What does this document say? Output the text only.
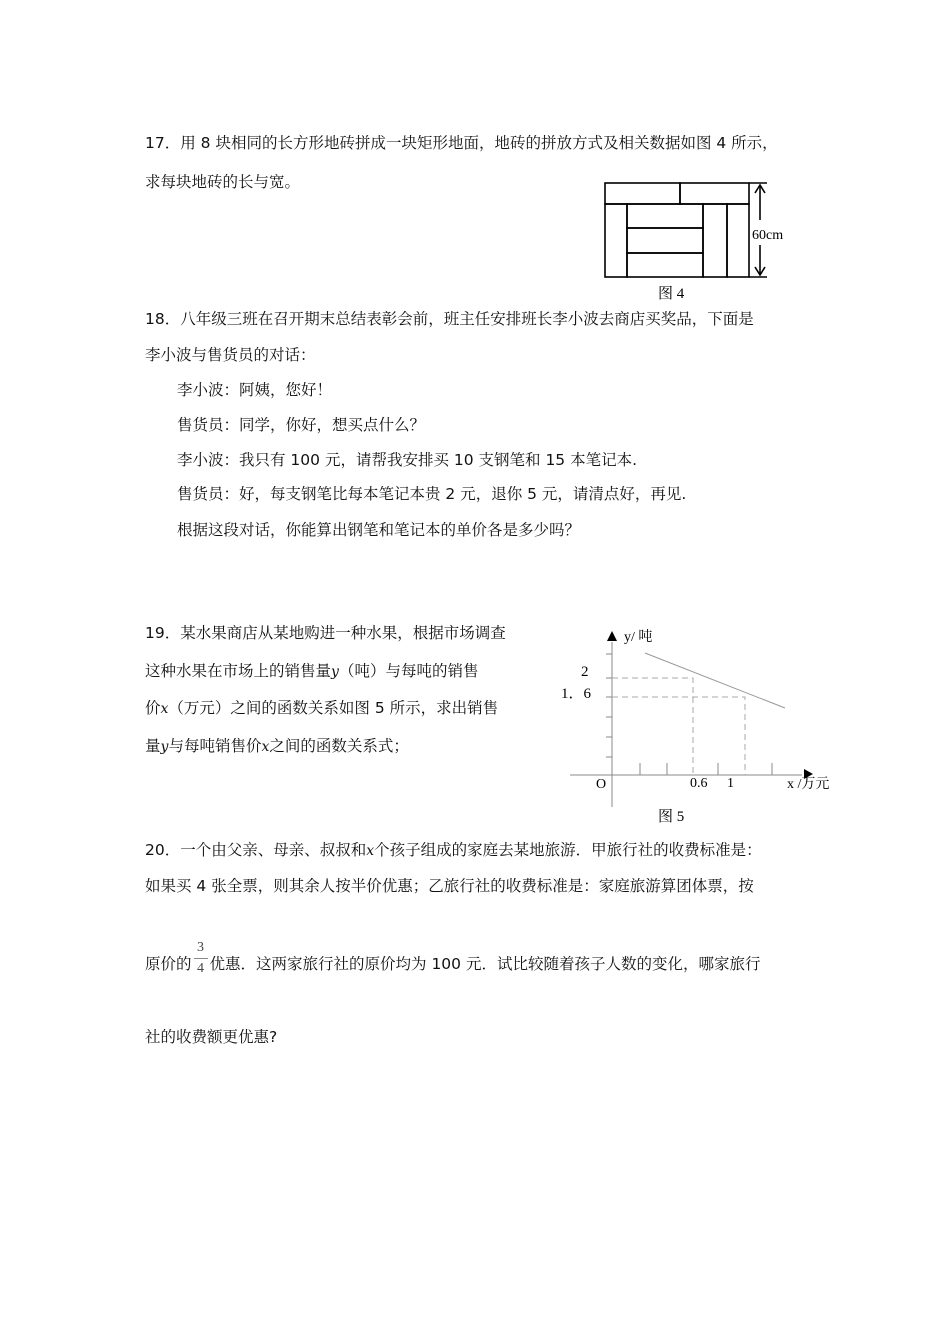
17．用 8 块相同的长方形地砖拼成一块矩形地面，地砖的拼放方式及相关数据如图 4 所示，
求每块地砖的长与宽。
60cm
图 4
y/ 吨
2
1．6
O	0.6 1	x /万元
图 5
18．八年级三班在召开期末总结表彰会前，班主任安排班长李小波去商店买奖品，下面是
李小波与售货员的对话：
李小波：阿姨，您好！
售货员：同学，你好，想买点什么？
李小波：我只有 100 元，请帮我安排买 10 支钢笔和 15 本笔记本.
售货员：好，每支钢笔比每本笔记本贵 2 元，退你 5 元，请清点好，再见.
根据这段对话，你能算出钢笔和笔记本的单价各是多少吗？
19．某水果商店从某地购进一种水果，根据市场调查
这种水果在市场上的销售量y（吨）与每吨的销售
价x（万元）之间的函数关系如图 5 所示，求出销售
量y与每吨销售价x之间的函数关系式；
20．一个由父亲、母亲、叔叔和x个孩子组成的家庭去某地旅游．甲旅行社的收费标准是：
如果买 4 张全票，则其余人按半价优惠；乙旅行社的收费标准是：家庭旅游算团体票，按
原价的 $\frac{3}{4}$ 优惠．这两家旅行社的原价均为 100 元．试比较随着孩子人数的变化，哪家旅行
社的收费额更优惠?
